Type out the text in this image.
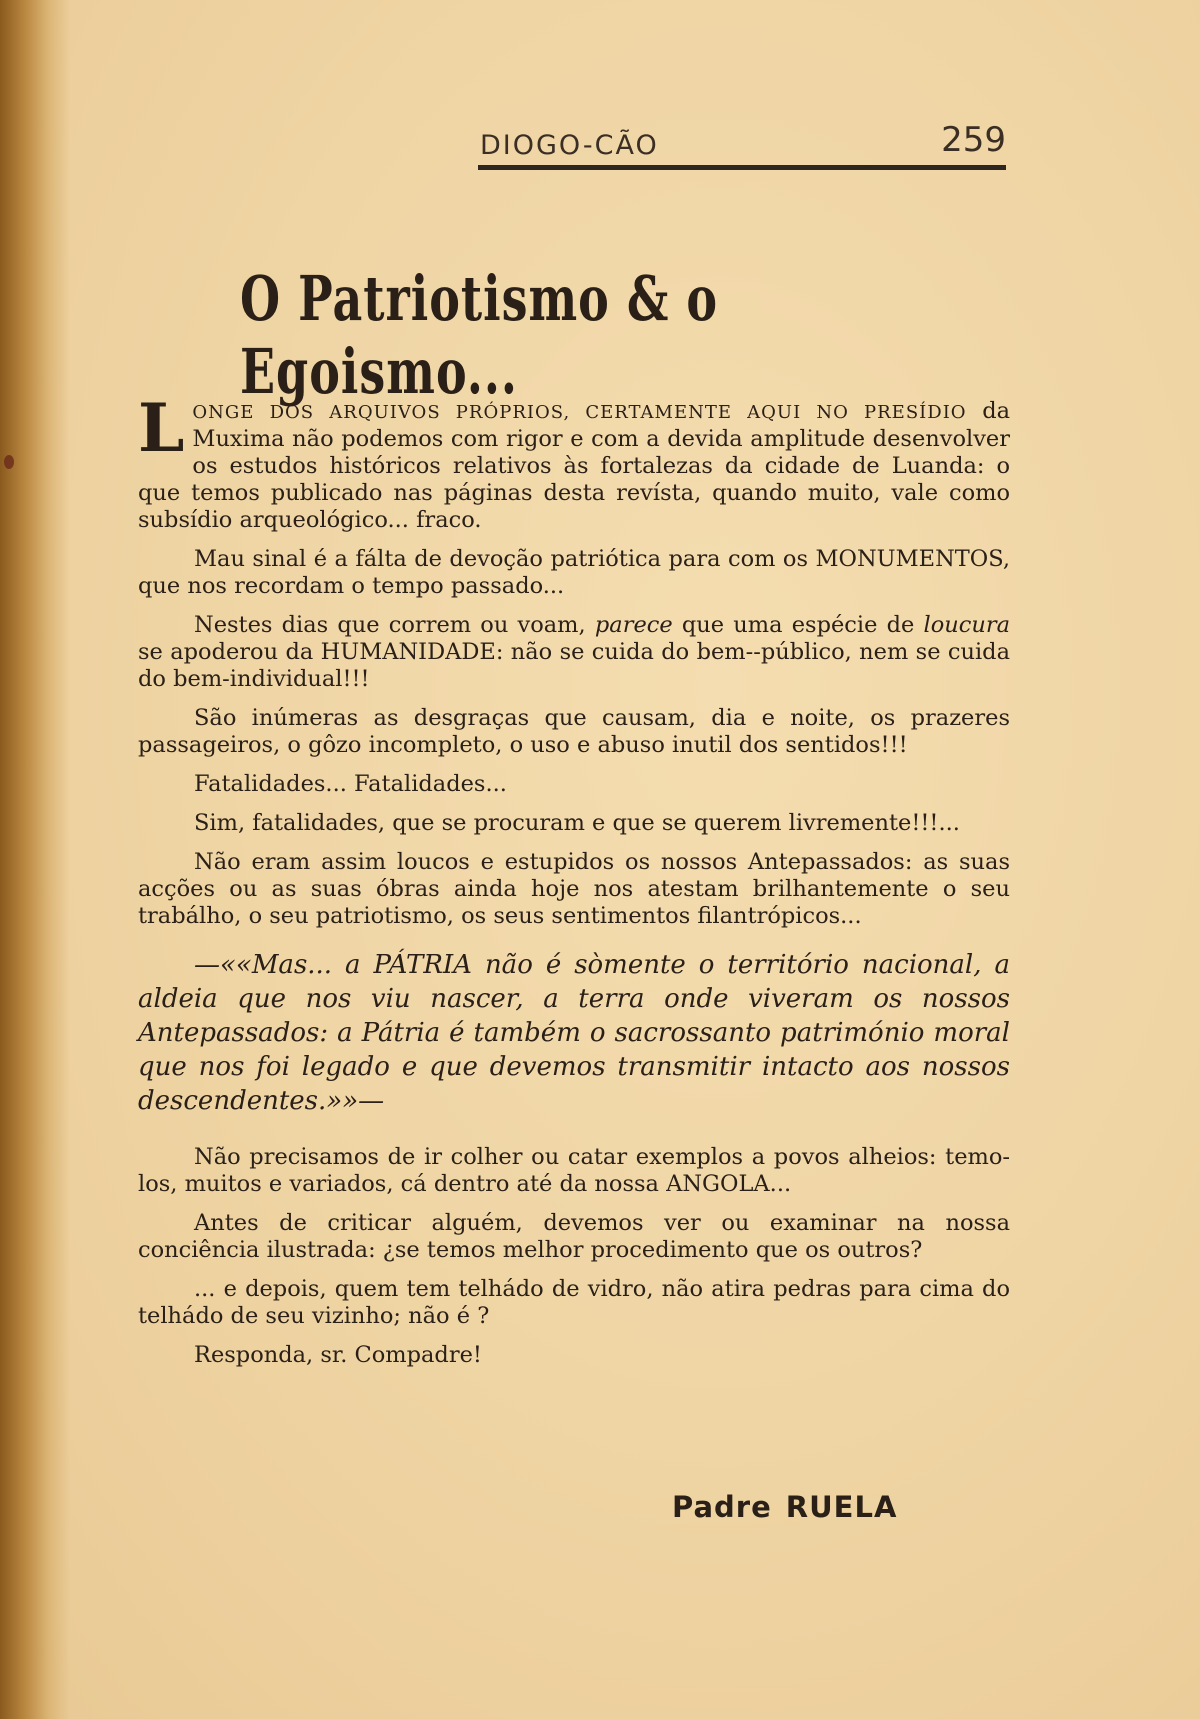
DIOGO-CÃO	259
O Patriotismo & o Egoismo...

L ONGE DOS ARQUIVOS PRÓPRIOS, CERTAMENTE AQUI NO PRESÍDIO da Muxima não podemos com rigor e com a devida amplitude desenvolver os estudos históricos relativos às fortalezas da cidade de Luanda: o que temos publicado nas páginas desta revísta, quando muito, vale como subsídio arqueológico... fraco.

Mau sinal é a fálta de devoção patriótica para com os MONUMENTOS, que nos recordam o tempo passado...

Nestes dias que correm ou voam, parece que uma espécie de loucura se apoderou da HUMANIDADE: não se cuida do bem--público, nem se cuida do bem-individual!!!

São inúmeras as desgraças que causam, dia e noite, os prazeres passageiros, o gôzo incompleto, o uso e abuso inutil dos sentidos!!!

Fatalidades... Fatalidades...

Sim, fatalidades, que se procuram e que se querem livremente!!!...

Não eram assim loucos e estupidos os nossos Antepassados: as suas acções ou as suas óbras ainda hoje nos atestam brilhantemente o seu trabálho, o seu patriotismo, os seus sentimentos filantrópicos...

—««Mas... a PÁTRIA não é sòmente o território nacional, a aldeia que nos viu nascer, a terra onde viveram os nossos Antepassados: a Pátria é também o sacrossanto património moral que nos foi legado e que devemos transmitir intacto aos nossos descendentes.»»—

Não precisamos de ir colher ou catar exemplos a povos alheios: temo-los, muitos e variados, cá dentro até da nossa ANGOLA...

Antes de criticar alguém, devemos ver ou examinar na nossa conciência ilustrada: ¿se temos melhor procedimento que os outros?

... e depois, quem tem telhádo de vidro, não atira pedras para cima do telhádo de seu vizinho; não é ?

Responda, sr. Compadre!

Padre RUELA
